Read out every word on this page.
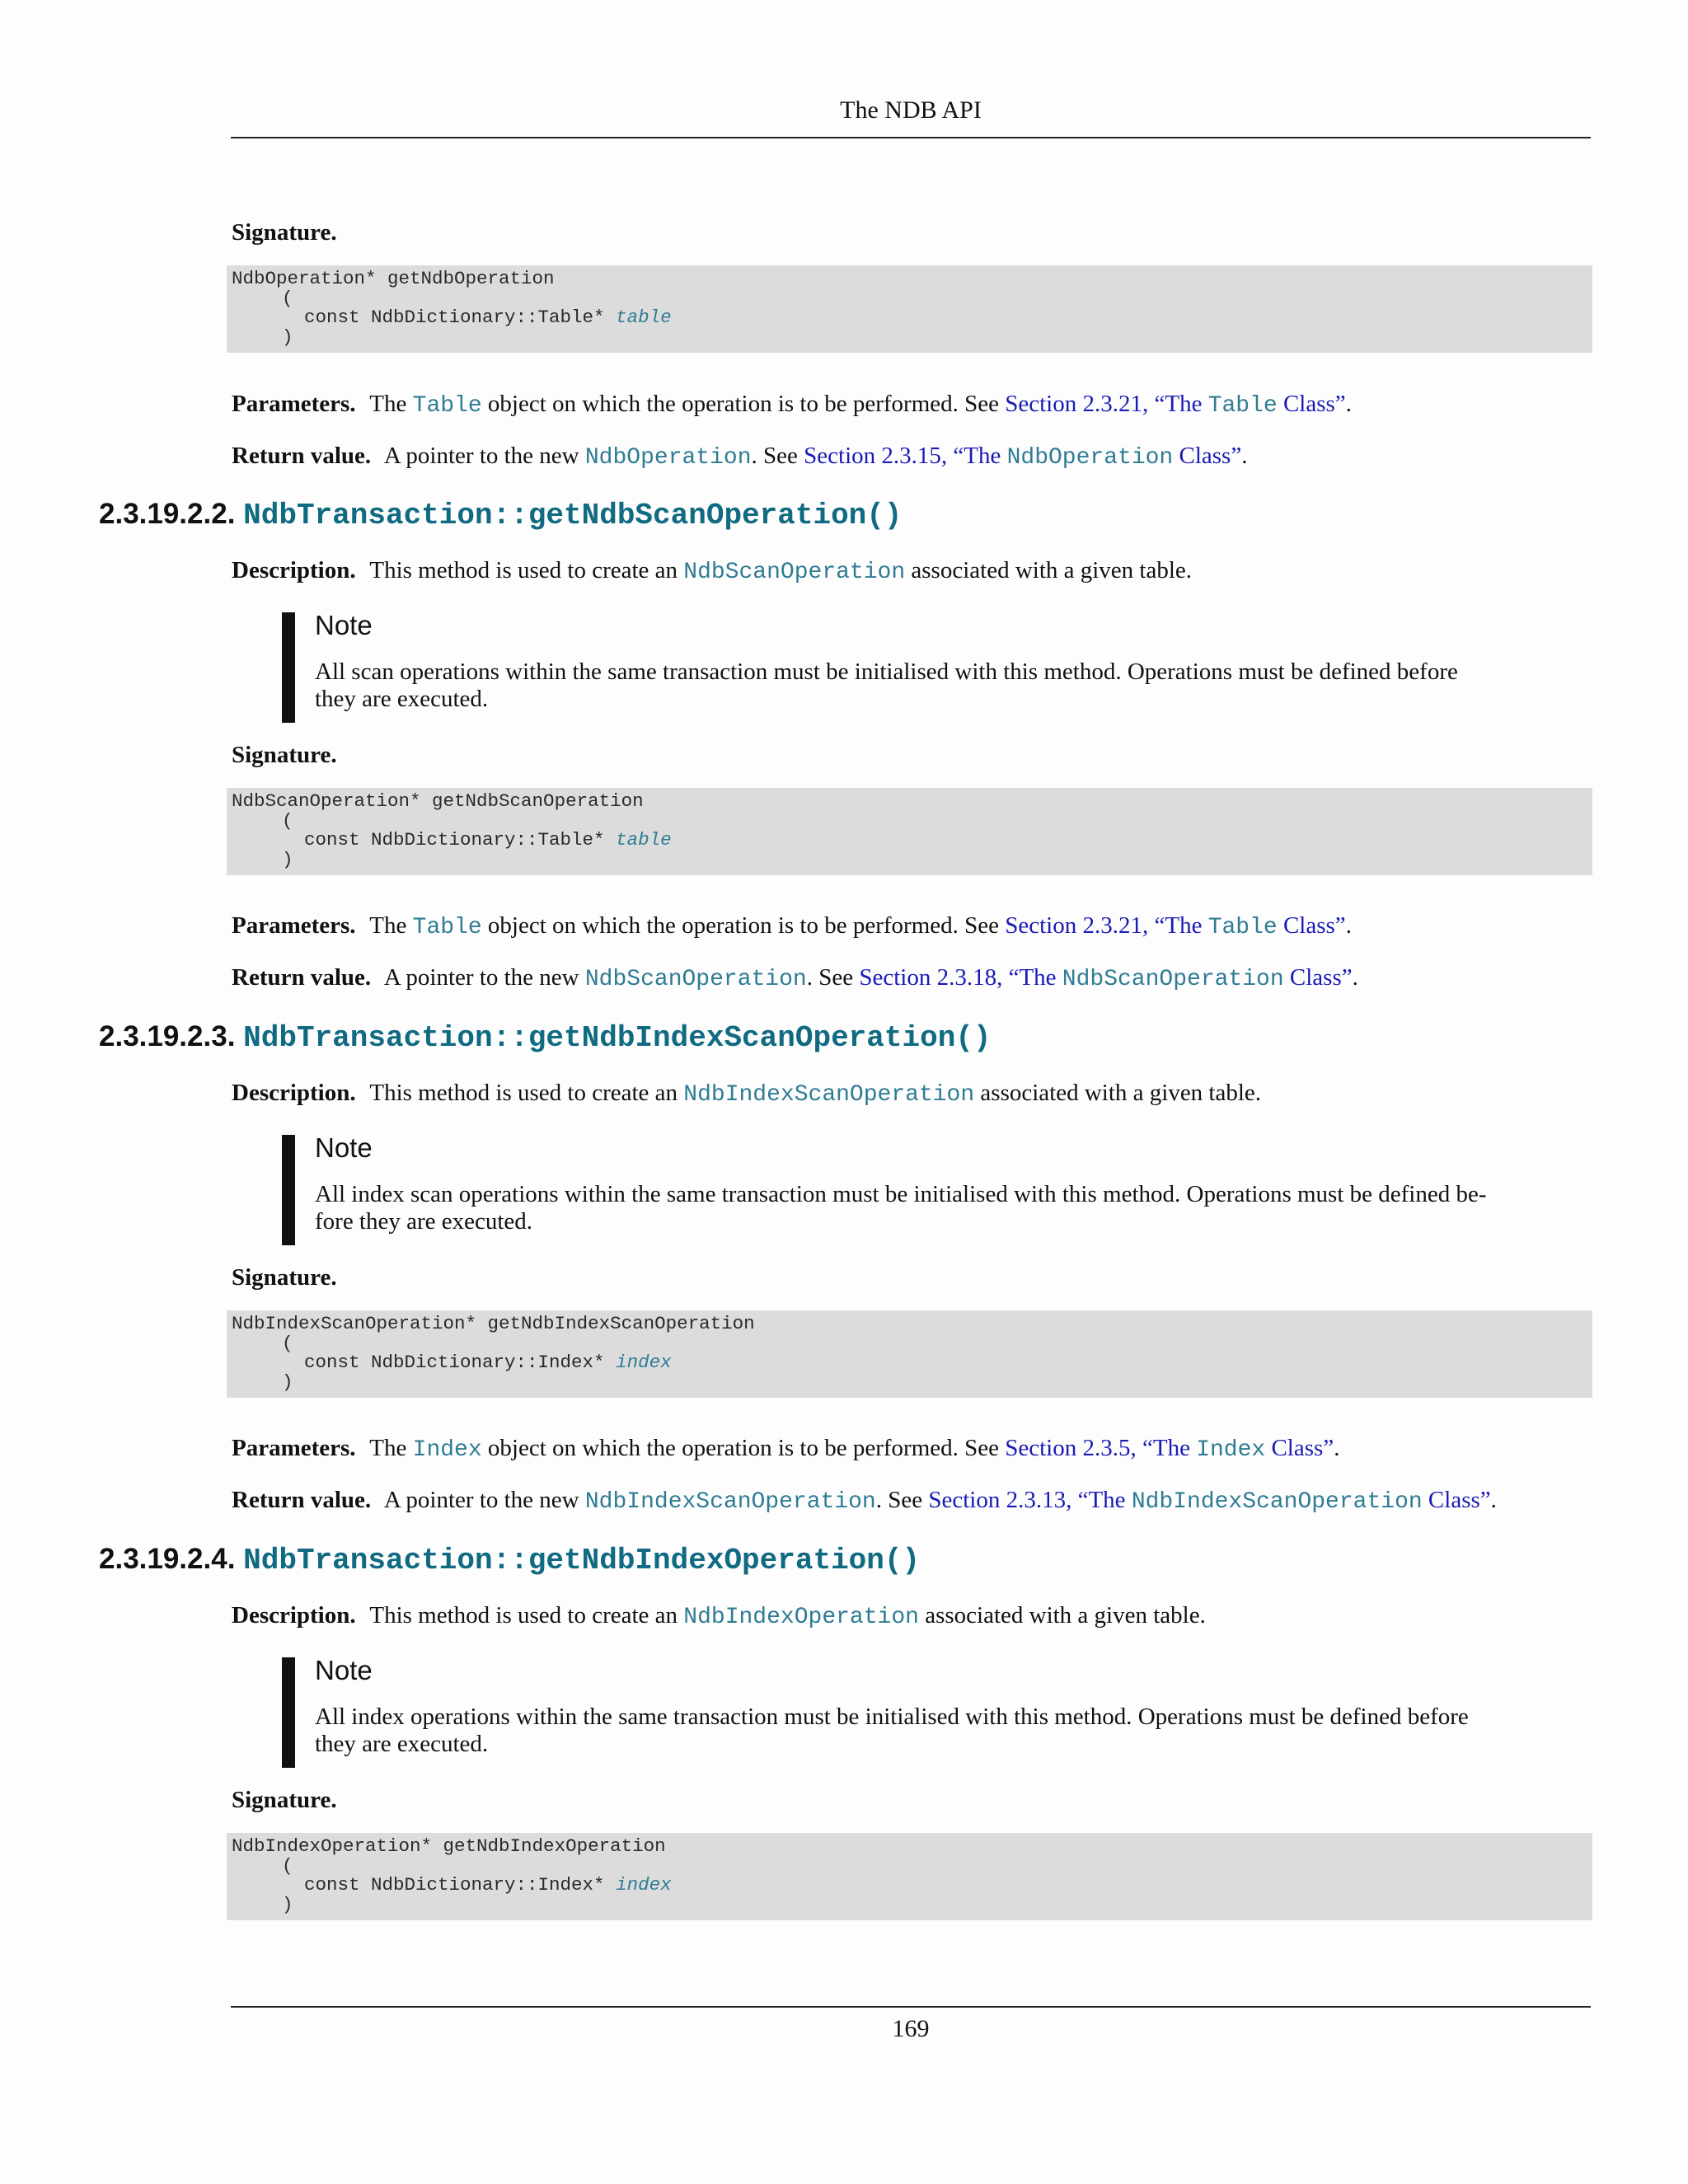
The NDB API
Signature.
NdbOperation* getNdbOperation
(
const NdbDictionary::Table* table
)
Parameters. The Table object on which the operation is to be performed. See Section 2.3.21, “The Table Class”.
Return value. A pointer to the new NdbOperation. See Section 2.3.15, “The NdbOperation Class”.
2.3.19.2.2. NdbTransaction::getNdbScanOperation()
Description. This method is used to create an NdbScanOperation associated with a given table.
Note
All scan operations within the same transaction must be initialised with this method. Operations must be defined before
they are executed.
Signature.
NdbScanOperation* getNdbScanOperation
(
const NdbDictionary::Table* table
)
Parameters. The Table object on which the operation is to be performed. See Section 2.3.21, “The Table Class”.
Return value. A pointer to the new NdbScanOperation. See Section 2.3.18, “The NdbScanOperation Class”.
2.3.19.2.3. NdbTransaction::getNdbIndexScanOperation()
Description. This method is used to create an NdbIndexScanOperation associated with a given table.
Note
All index scan operations within the same transaction must be initialised with this method. Operations must be defined be-
fore they are executed.
Signature.
NdbIndexScanOperation* getNdbIndexScanOperation
(
const NdbDictionary::Index* index
)
Parameters. The Index object on which the operation is to be performed. See Section 2.3.5, “The Index Class”.
Return value. A pointer to the new NdbIndexScanOperation. See Section 2.3.13, “The NdbIndexScanOperation Class”.
2.3.19.2.4. NdbTransaction::getNdbIndexOperation()
Description. This method is used to create an NdbIndexOperation associated with a given table.
Note
All index operations within the same transaction must be initialised with this method. Operations must be defined before
they are executed.
Signature.
NdbIndexOperation* getNdbIndexOperation
(
const NdbDictionary::Index* index
)
169
